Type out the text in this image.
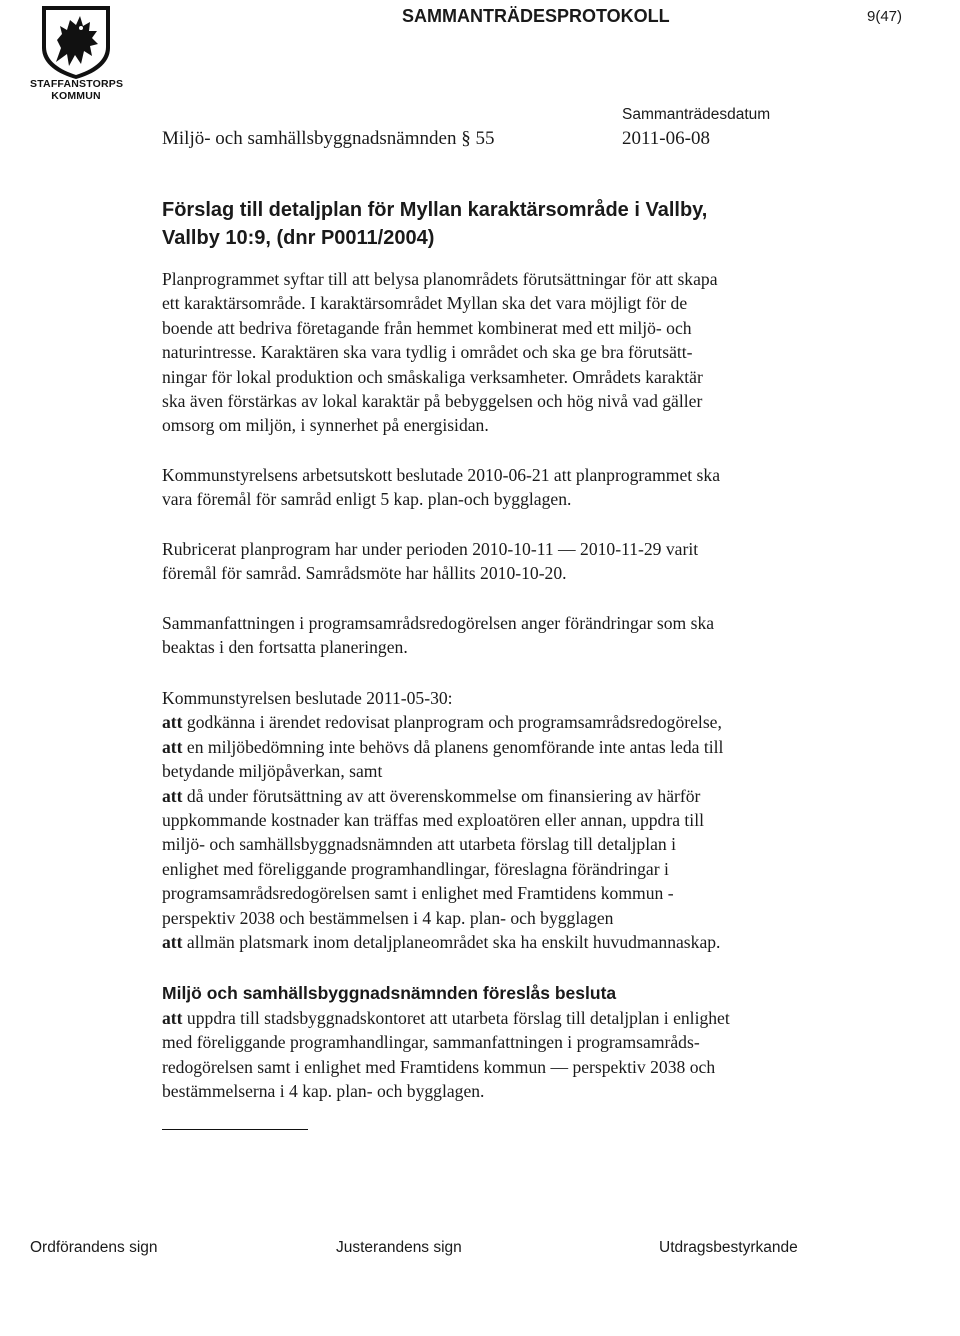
STAFFANSTORPS
KOMMUN
SAMMANTRÄDESPROTOKOLL	9(47)
Sammanträdesdatum
Miljö- och samhällsbyggnadsnämnden § 55	2011-06-08
Förslag till detaljplan för Myllan karaktärsområde i Vallby,
Vallby 10:9, (dnr P0011/2004)

Planprogrammet syftar till att belysa planområdets förutsättningar för att skapa
ett karaktärsområde. I karaktärsområdet Myllan ska det vara möjligt för de
boende att bedriva företagande från hemmet kombinerat med ett miljö- och
naturintresse. Karaktären ska vara tydlig i området och ska ge bra förutsätt-
ningar för lokal produktion och småskaliga verksamheter. Områdets karaktär
ska även förstärkas av lokal karaktär på bebyggelsen och hög nivå vad gäller
omsorg om miljön, i synnerhet på energisidan.

Kommunstyrelsens arbetsutskott beslutade 2010-06-21 att planprogrammet ska
vara föremål för samråd enligt 5 kap. plan-och bygglagen.

Rubricerat planprogram har under perioden 2010-10-11 — 2010-11-29 varit
föremål för samråd. Samrådsmöte har hållits 2010-10-20.

Sammanfattningen i programsamrådsredogörelsen anger förändringar som ska
beaktas i den fortsatta planeringen.

Kommunstyrelsen beslutade 2011-05-30:
att godkänna i ärendet redovisat planprogram och programsamrådsredogörelse,
att en miljöbedömning inte behövs då planens genomförande inte antas leda till
betydande miljöpåverkan, samt
att då under förutsättning av att överenskommelse om finansiering av härför
uppkommande kostnader kan träffas med exploatören eller annan, uppdra till
miljö- och samhällsbyggnadsnämnden att utarbeta förslag till detaljplan i
enlighet med föreliggande programhandlingar, föreslagna förändringar i
programsamrådsredogörelsen samt i enlighet med Framtidens kommun -
perspektiv 2038 och bestämmelsen i 4 kap. plan- och bygglagen
att allmän platsmark inom detaljplaneområdet ska ha enskilt huvudmannaskap.

Miljö och samhällsbyggnadsnämnden föreslås besluta

att uppdra till stadsbyggnadskontoret att utarbeta förslag till detaljplan i enlighet
med föreliggande programhandlingar, sammanfattningen i programsamråds-
redogörelsen samt i enlighet med Framtidens kommun — perspektiv 2038 och
bestämmelserna i 4 kap. plan- och bygglagen.

Ordförandens sign	Justerandens sign	Utdragsbestyrkande
